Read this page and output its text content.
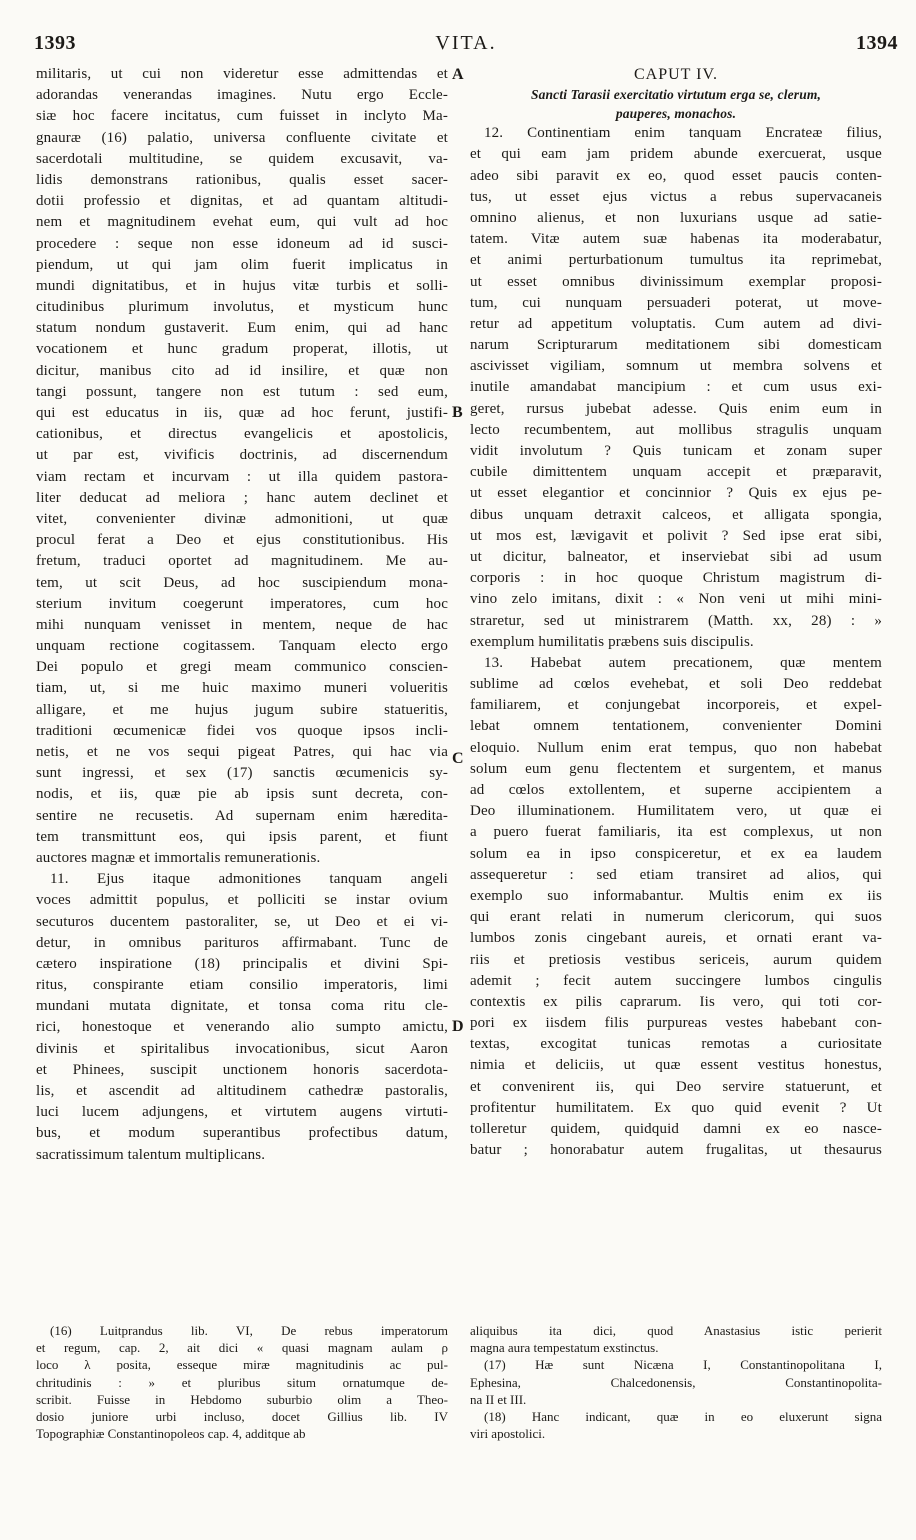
1393	VITA.	1394
A
B
C
D
militaris, ut cui non videretur esse admittendas et
adorandas venerandas imagines. Nutu ergo Eccle-
siæ hoc facere incitatus, cum fuisset in inclyto Ma-
gnauræ (16) palatio, universa confluente civitate et
sacerdotali multitudine, se quidem excusavit, va-
lidis demonstrans rationibus, qualis esset sacer-
dotii professio et dignitas, et ad quantam altitudi-
nem et magnitudinem evehat eum, qui vult ad hoc
procedere : seque non esse idoneum ad id susci-
piendum, ut qui jam olim fuerit implicatus in
mundi dignitatibus, et in hujus vitæ turbis et solli-
citudinibus plurimum involutus, et mysticum hunc
statum nondum gustaverit. Eum enim, qui ad hanc
vocationem et hunc gradum properat, illotis, ut
dicitur, manibus cito ad id insilire, et quæ non
tangi possunt, tangere non est tutum : sed eum,
qui est educatus in iis, quæ ad hoc ferunt, justifi-
cationibus, et directus evangelicis et apostolicis,
ut par est, vivificis doctrinis, ad discernendum
viam rectam et incurvam : ut illa quidem pastora-
liter deducat ad meliora ; hanc autem declinet et
vitet, convenienter divinæ admonitioni, ut quæ
procul ferat a Deo et ejus constitutionibus. His
fretum, traduci oportet ad magnitudinem. Me au-
tem, ut scit Deus, ad hoc suscipiendum mona-
sterium invitum coegerunt imperatores, cum hoc
mihi nunquam venisset in mentem, neque de hac
unquam rectione cogitassem. Tanquam electo ergo
Dei populo et gregi meam communico conscien-
tiam, ut, si me huic maximo muneri volueritis
alligare, et me hujus jugum subire statueritis,
traditioni œcumenicæ fidei vos quoque ipsos incli-
netis, et ne vos sequi pigeat Patres, qui hac via
sunt ingressi, et sex (17) sanctis œcumenicis sy-
nodis, et iis, quæ pie ab ipsis sunt decreta, con-
sentire ne recusetis. Ad supernam enim hæredita-
tem transmittunt eos, qui ipsis parent, et fiunt
auctores magnæ et immortalis remunerationis.
11. Ejus itaque admonitiones tanquam angeli
voces admittit populus, et polliciti se instar ovium
secuturos ducentem pastoraliter, se, ut Deo et ei vi-
detur, in omnibus parituros affirmabant. Tunc de
cætero inspiratione (18) principalis et divini Spi-
ritus, conspirante etiam consilio imperatoris, limi
mundani mutata dignitate, et tonsa coma ritu cle-
rici, honestoque et venerando alio sumpto amictu,
divinis et spiritalibus invocationibus, sicut Aaron
et Phinees, suscipit unctionem honoris sacerdota-
lis, et ascendit ad altitudinem cathedræ pastoralis,
luci lucem adjungens, et virtutem augens virtuti-
bus, et modum superantibus profectibus datum,
sacratissimum talentum multiplicans.
CAPUT IV.
Sancti Tarasii exercitatio virtutum erga se, clerum,
pauperes, monachos.
12. Continentiam enim tanquam Encrateæ filius,
et qui eam jam pridem abunde exercuerat, usque
adeo sibi paravit ex eo, quod esset paucis conten-
tus, ut esset ejus victus a rebus supervacaneis
omnino alienus, et non luxurians usque ad satie-
tatem. Vitæ autem suæ habenas ita moderabatur,
et animi perturbationum tumultus ita reprimebat,
ut esset omnibus divinissimum exemplar proposi-
tum, cui nunquam persuaderi poterat, ut move-
retur ad appetitum voluptatis. Cum autem ad divi-
narum Scripturarum meditationem sibi domesticam
ascivisset vigiliam, somnum ut membra solvens et
inutile amandabat mancipium : et cum usus exi-
geret, rursus jubebat adesse. Quis enim eum in
lecto recumbentem, aut mollibus stragulis unquam
vidit involutum ? Quis tunicam et zonam super
cubile dimittentem unquam accepit et præparavit,
ut esset elegantior et concinnior ? Quis ex ejus pe-
dibus unquam detraxit calceos, et alligata spongia,
ut mos est, lævigavit et polivit ? Sed ipse erat sibi,
ut dicitur, balneator, et inserviebat sibi ad usum
corporis : in hoc quoque Christum magistrum di-
vino zelo imitans, dixit : « Non veni ut mihi mini-
straretur, sed ut ministrarem (Matth. xx, 28) : »
exemplum humilitatis præbens suis discipulis.
13. Habebat autem precationem, quæ mentem
sublime ad cœlos evehebat, et soli Deo reddebat
familiarem, et conjungebat incorporeis, et expel-
lebat omnem tentationem, convenienter Domini
eloquio. Nullum enim erat tempus, quo non habebat
solum eum genu flectentem et surgentem, et manus
ad cœlos extollentem, et superne accipientem a
Deo illuminationem. Humilitatem vero, ut quæ ei
a puero fuerat familiaris, ita est complexus, ut non
solum ea in ipso conspiceretur, et ex ea laudem
assequeretur : sed etiam transiret ad alios, qui
exemplo suo informabantur. Multis enim ex iis
qui erant relati in numerum clericorum, qui suos
lumbos zonis cingebant aureis, et ornati erant va-
riis et pretiosis vestibus sericeis, aurum quidem
ademit ; fecit autem succingere lumbos cingulis
contextis ex pilis caprarum. Iis vero, qui toti cor-
pori ex iisdem filis purpureas vestes habebant con-
textas, excogitat tunicas remotas a curiositate
nimia et deliciis, ut quæ essent vestitus honestus,
et convenirent iis, qui Deo servire statuerunt, et
profitentur humilitatem. Ex quo quid evenit ? Ut
tolleretur quidem, quidquid damni ex eo nasce-
batur ; honorabatur autem frugalitas, ut thesaurus
(16) Luitprandus lib. VI, De rebus imperatorum
et regum, cap. 2, ait dici « quasi magnam aulam ρ
loco λ posita, esseque miræ magnitudinis ac pul-
chritudinis : » et pluribus situm ornatumque de-
scribit. Fuisse in Hebdomo suburbio olim a Theo-
dosio juniore urbi incluso, docet Gillius lib. IV
Topographiæ Constantinopoleos cap. 4, additque ab
aliquibus ita dici, quod Anastasius istic perierit
magna aura tempestatum exstinctus.
(17) Hæ sunt Nicæna I, Constantinopolitana I,
Ephesina, Chalcedonensis, Constantinopolita-
na II et III.
(18) Hanc indicant, quæ in eo eluxerunt signa
viri apostolici.
